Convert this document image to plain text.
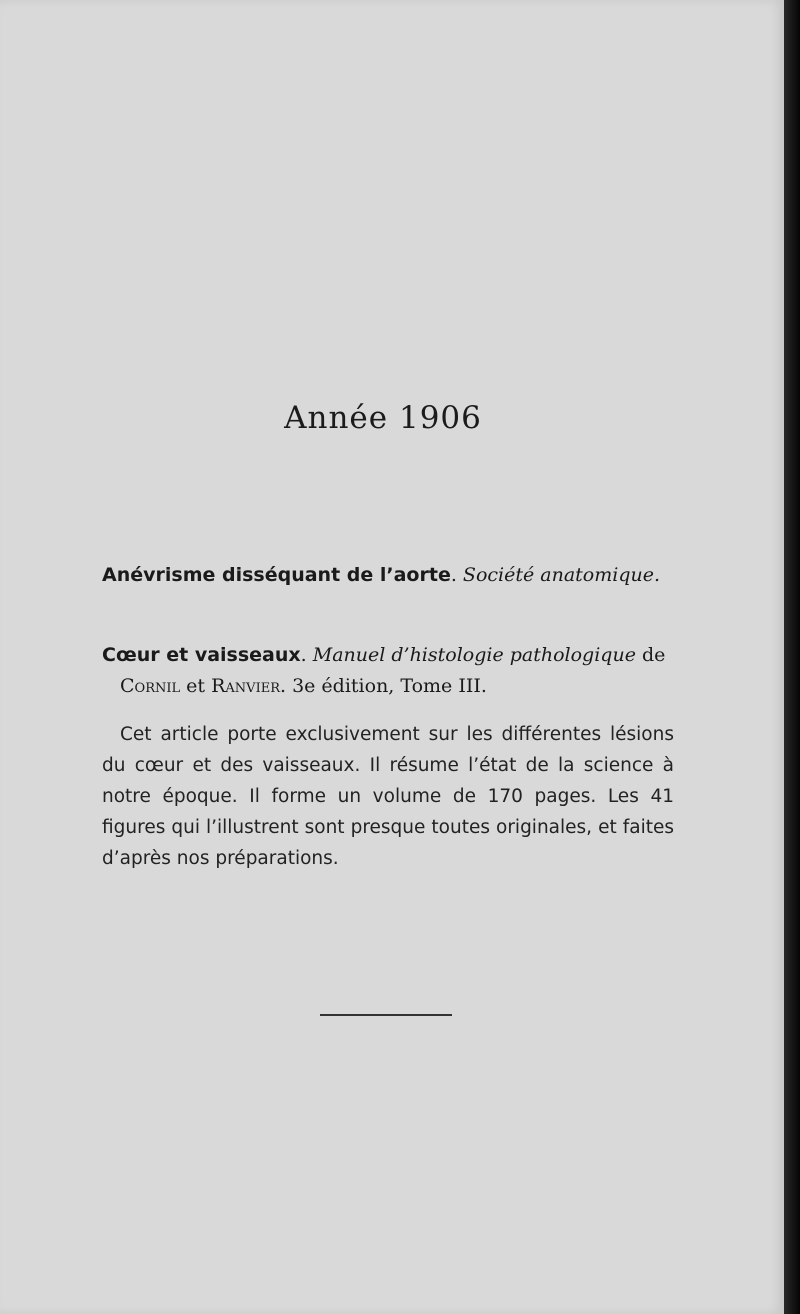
Année 1906
Anévrisme disséquant de l’aorte. Société anatomique.
Cœur et vaisseaux. Manuel d’histologie pathologique de
Cornil et Ranvier. 3e édition, Tome III.
Cet article porte exclusivement sur les différentes lésions du cœur et des vaisseaux. Il résume l’état de la science à notre époque. Il forme un volume de 170 pages. Les 41 figures qui l’illustrent sont presque toutes originales, et faites d’après nos préparations.
